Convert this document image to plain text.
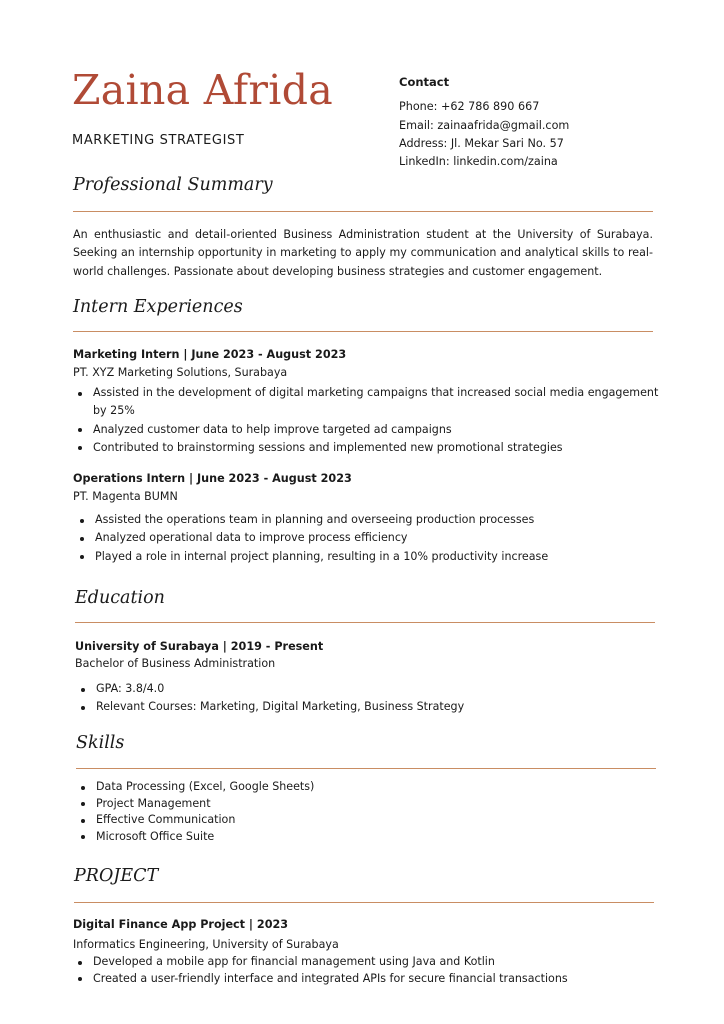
Zaina Afrida
MARKETING STRATEGIST
Contact
Phone: +62 786 890 667
Email: zainaafrida@gmail.com
Address: Jl. Mekar Sari No. 57
LinkedIn: linkedin.com/zaina
Professional Summary
An enthusiastic and detail-oriented Business Administration student at the University of Surabaya. Seeking an internship opportunity in marketing to apply my communication and analytical skills to real-world challenges. Passionate about developing business strategies and customer engagement.
Intern Experiences
Marketing Intern | June 2023 - August 2023
PT. XYZ Marketing Solutions, Surabaya
Assisted in the development of digital marketing campaigns that increased social media engagement by 25%
Analyzed customer data to help improve targeted ad campaigns
Contributed to brainstorming sessions and implemented new promotional strategies
Operations Intern | June 2023 - August 2023
PT. Magenta BUMN
Assisted the operations team in planning and overseeing production processes
Analyzed operational data to improve process efficiency
Played a role in internal project planning, resulting in a 10% productivity increase
Education
University of Surabaya | 2019 - Present
Bachelor of Business Administration
GPA: 3.8/4.0
Relevant Courses: Marketing, Digital Marketing, Business Strategy
Skills
Data Processing (Excel, Google Sheets)
Project Management
Effective Communication
Microsoft Office Suite
PROJECT
Digital Finance App Project | 2023
Informatics Engineering, University of Surabaya
Developed a mobile app for financial management using Java and Kotlin
Created a user-friendly interface and integrated APIs for secure financial transactions
